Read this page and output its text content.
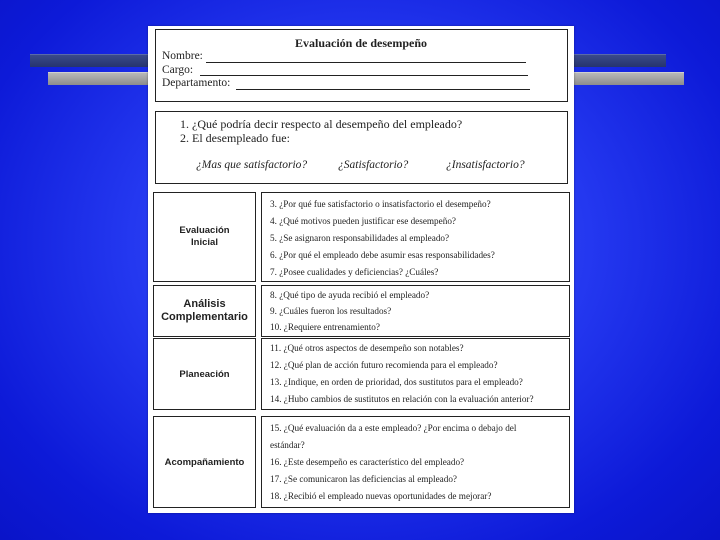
Evaluación de desempeño
Nombre:
Cargo:
Departamento:
1. ¿Qué podría decir respecto al desempeño del empleado?
2. El desempleado fue:
¿Mas que satisfactorio?	¿Satisfactorio?	¿Insatisfactorio?
Evaluación Inicial
3. ¿Por qué fue satisfactorio o insatisfactorio el desempeño?
4. ¿Qué motivos pueden justificar ese desempeño?
5. ¿Se asignaron responsabilidades al empleado?
6. ¿Por qué el empleado debe asumir esas responsabilidades?
7. ¿Posee cualidades y deficiencias? ¿Cuáles?
Análisis Complementario
8. ¿Qué tipo de ayuda recibió el empleado?
9. ¿Cuáles fueron los resultados?
10. ¿Requiere entrenamiento?
Planeación
11. ¿Qué otros aspectos de desempeño son notables?
12. ¿Qué plan de acción futuro recomienda para el empleado?
13. ¿Indique, en orden de prioridad, dos sustitutos para el empleado?
14. ¿Hubo cambios de sustitutos en relación con la evaluación anterior?
Acompañamiento
15. ¿Qué evaluación da a este empleado? ¿Por encima o debajo del
estándar?
16. ¿Este desempeño es característico del empleado?
17. ¿Se comunicaron las deficiencias al empleado?
18. ¿Recibió el empleado nuevas oportunidades de mejorar?
